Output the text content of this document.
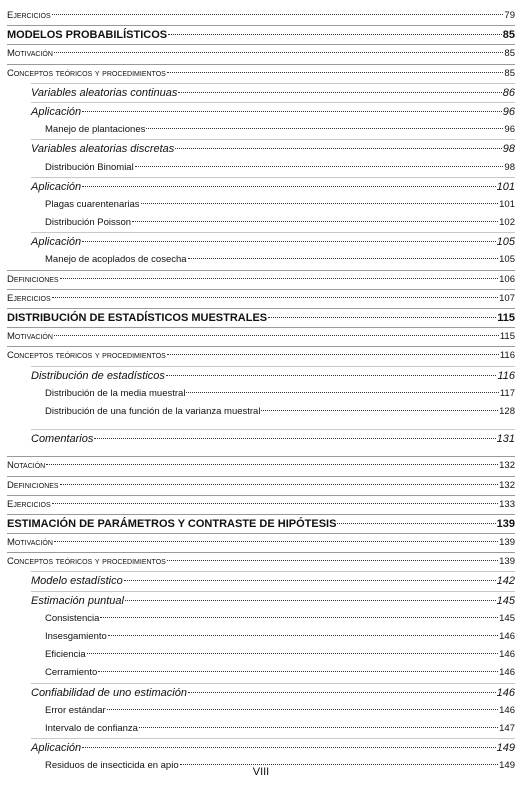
Ejercicios	79
MODELOS PROBABILÍSTICOS	85
Motivación	85
Conceptos teóricos y procedimientos	85
Variables aleatorias continuas	86
Aplicación	96
Manejo de plantaciones	96
Variables aleatorias discretas	98
Distribución Binomial	98
Aplicación	101
Plagas cuarentenarias	101
Distribución Poisson	102
Aplicación	105
Manejo de acoplados de cosecha	105
Definiciones	106
Ejercicios	107
DISTRIBUCIÓN DE ESTADÍSTICOS MUESTRALES	115
Motivación	115
Conceptos teóricos y procedimientos	116
Distribución de estadísticos	116
Distribución de la media muestral	117
Distribución de una función de la varianza muestral	128
Comentarios	131
Notación	132
Definiciones	132
Ejercicios	133
ESTIMACIÓN DE PARÁMETROS Y CONTRASTE DE HIPÓTESIS	139
Motivación	139
Conceptos teóricos y procedimientos	139
Modelo estadístico	142
Estimación puntual	145
Consistencia	145
Insesgamiento	146
Eficiencia	146
Cerramiento	146
Confiabilidad de uno estimación	146
Error estándar	146
Intervalo de confianza	147
Aplicación	149
Residuos de insecticida en apio	149
VIII
